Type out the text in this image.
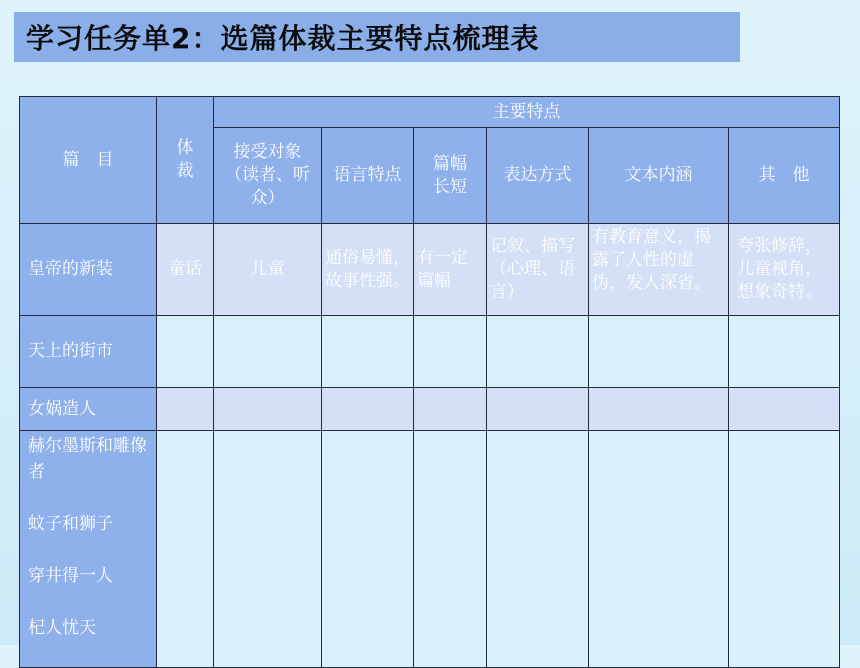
学习任务单2：选篇体裁主要特点梳理表
篇　目	体裁	主要特点					

		接受对象（读者、听众）	语言特点	篇幅长短	表达方式	文本内涵	其　他
皇帝的新装	童话	儿童	通俗易懂，故事性强。	有一定篇幅	记叙、描写（心理、语言）	有教育意义，揭露了人性的虚伪，发人深省。	夸张修辞，儿童视角，想象奇特。
天上的街市							
女娲造人							

赫尔墨斯和雕像者
蚊子和狮子
穿井得一人
杞人忧天							
